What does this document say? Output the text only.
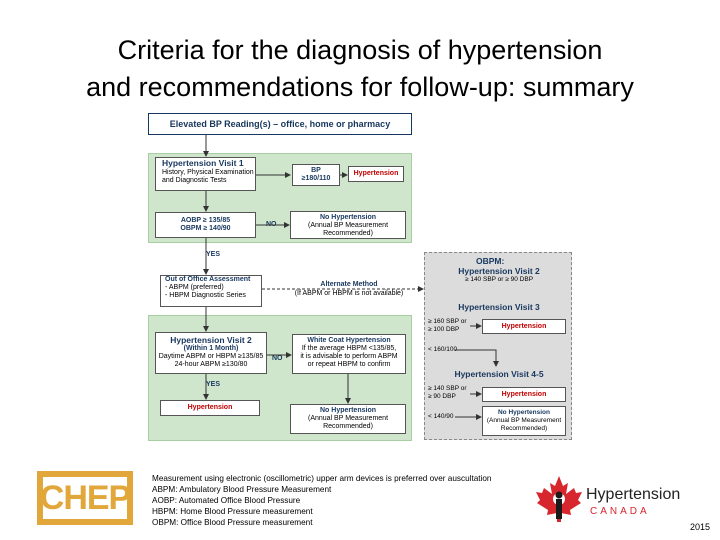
Criteria for the diagnosis of hypertension
and recommendations for follow-up: summary
Elevated BP Reading(s) – office, home or pharmacy
Hypertension Visit 1
History, Physical Examination
and Diagnostic Tests
BP
≥180/110
Hypertension
AOBP ≥ 135/85
OBPM ≥ 140/90
NO
No Hypertension
(Annual BP Measurement
Recommended)
YES
Out of Office Assessment
- ABPM (preferred)
- HBPM Diagnostic Series
Alternate Method
(If ABPM or HBPM is not available)
Hypertension Visit 2
(Within 1 Month)
Daytime ABPM or HBPM ≥135/85
24-hour ABPM ≥130/80
NO
White Coat Hypertension
If the average HBPM <135/85,
it is advisable to perform ABPM
or repeat HBPM to confirm
YES
Hypertension	No Hypertension
(Annual BP Measurement
Recommended)
OBPM:
Hypertension Visit 2
≥ 140 SBP or ≥ 90 DBP
Hypertension Visit 3
≥ 160 SBP or
≥ 100 DBP	Hypertension
< 160/100
Hypertension Visit 4-5
≥ 140 SBP or
≥ 90 DBP	Hypertension
< 140/90
No Hypertension
(Annual BP Measurement
Recommended)
Measurement using electronic (oscillometric) upper arm devices is preferred over auscultation
ABPM: Ambulatory Blood Pressure Measurement
AOBP: Automated Office Blood Pressure
HBPM: Home Blood Pressure measurement
OBPM: Office Blood Pressure measurement
CHEP	Hypertension
CANADA
2015
